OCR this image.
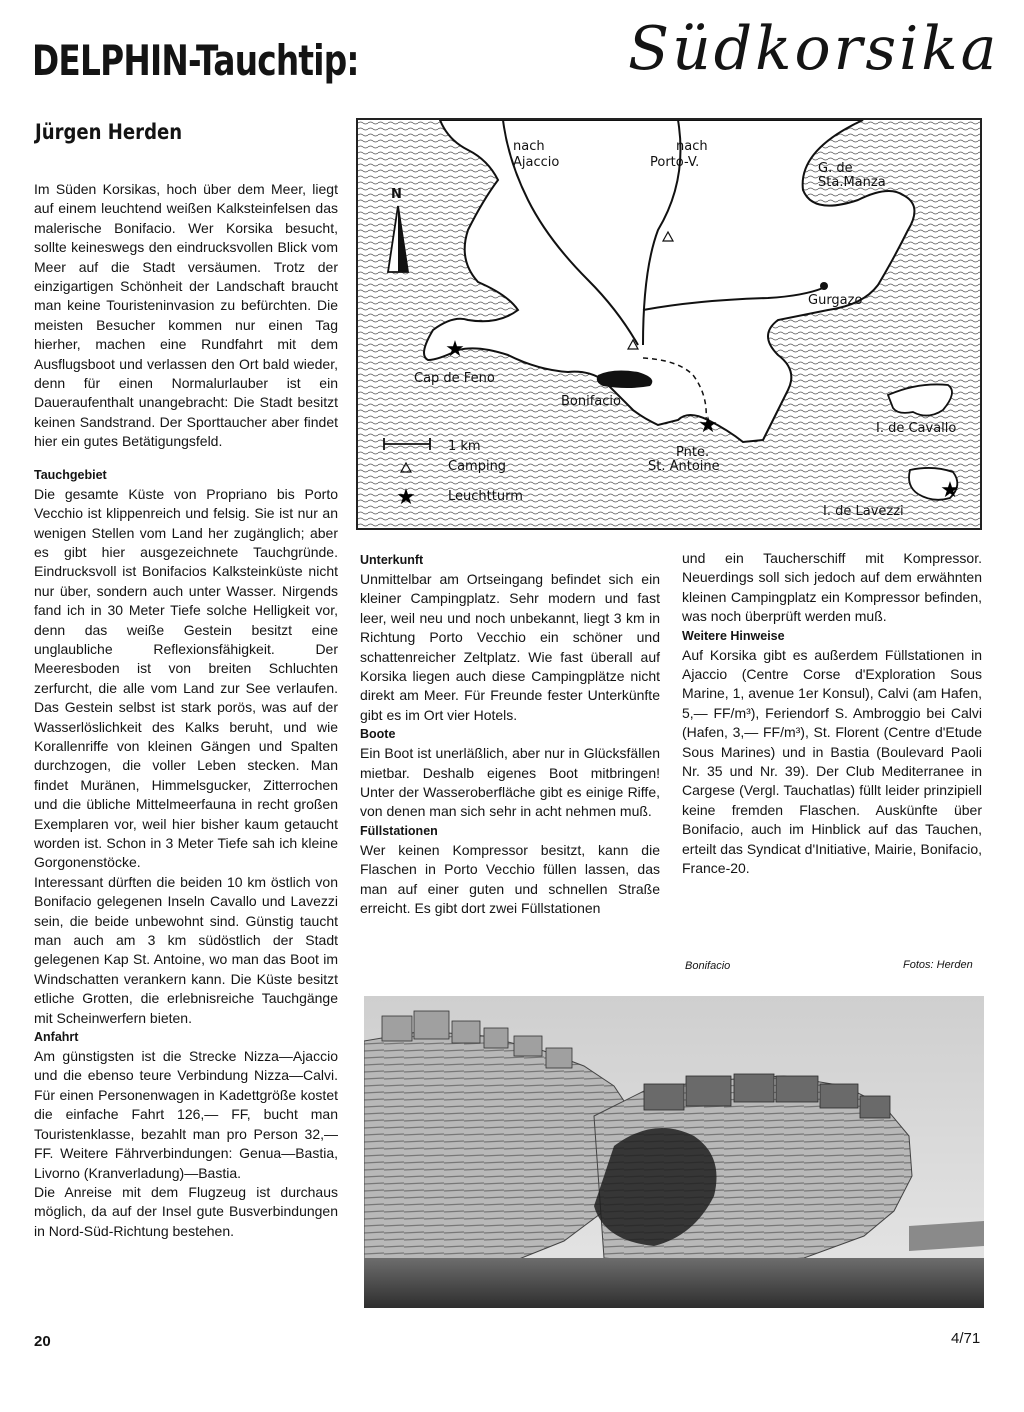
DELPHIN-Tauchtip:	Südkorsika
Jürgen Herden

Im Süden Korsikas, hoch über dem Meer, liegt auf einem leuchtend weißen Kalksteinfelsen das malerische Bonifacio. Wer Korsika besucht, sollte keineswegs den eindrucksvollen Blick vom Meer auf die Stadt versäumen. Trotz der einzigartigen Schönheit der Landschaft braucht man keine Touristeninvasion zu befürchten. Die meisten Besucher kommen nur einen Tag hierher, machen eine Rundfahrt mit dem Ausflugsboot und verlassen den Ort bald wieder, denn für einen Normalurlauber ist ein Daueraufenthalt unangebracht: Die Stadt besitzt keinen Sandstrand. Der Sporttaucher aber findet hier ein gutes Betätigungsfeld.

Tauchgebiet

Die gesamte Küste von Propriano bis Porto Vecchio ist klippenreich und felsig. Sie ist nur an wenigen Stellen vom Land her zugänglich; aber es gibt hier ausgezeichnete Tauchgründe. Eindrucksvoll ist Bonifacios Kalksteinküste nicht nur über, sondern auch unter Wasser. Nirgends fand ich in 30 Meter Tiefe solche Helligkeit vor, denn das weiße Gestein besitzt eine unglaubliche Reflexionsfähigkeit. Der Meeresboden ist von breiten Schluchten zerfurcht, die alle vom Land zur See verlaufen. Das Gestein selbst ist stark porös, was auf der Wasserlöslichkeit des Kalks beruht, und wie Korallenriffe von kleinen Gängen und Spalten durchzogen, die voller Leben stecken. Man findet Muränen, Himmelsgucker, Zitterrochen und die übliche Mittelmeerfauna in recht großen Exemplaren vor, weil hier bisher kaum getaucht worden ist. Schon in 3 Meter Tiefe sah ich kleine Gorgonenstöcke.

Interessant dürften die beiden 10 km östlich von Bonifacio gelegenen Inseln Cavallo und Lavezzi sein, die beide unbewohnt sind. Günstig taucht man auch am 3 km südöstlich der Stadt gelegenen Kap St. Antoine, wo man das Boot im Windschatten verankern kann. Die Küste besitzt etliche Grotten, die erlebnisreiche Tauchgänge mit Scheinwerfern bieten.

Anfahrt

Am günstigsten ist die Strecke Nizza—Ajaccio und die ebenso teure Verbindung Nizza—Calvi. Für einen Personenwagen in Kadettgröße kostet die einfache Fahrt 126,— FF, bucht man Touristenklasse, bezahlt man pro Person 32,— FF. Weitere Fährverbindungen: Genua—Bastia, Livorno (Kranverladung)—Bastia.

Die Anreise mit dem Flugzeug ist durchaus möglich, da auf der Insel gute Busverbindungen in Nord-Süd-Richtung bestehen.

★
★
★
N
nach
Ajaccio
nach
Porto-V.	G. de
Sta.Manza
Gurgazo
Cap de Feno
Bonifacio
Pnte.
St. Antoine
I. de Cavallo
I. de Lavezzi
1 km
Camping
★ Leuchtturm
Unterkunft

Unmittelbar am Ortseingang befindet sich ein kleiner Campingplatz. Sehr modern und fast leer, weil neu und noch unbekannt, liegt 3 km in Richtung Porto Vecchio ein schöner und schattenreicher Zeltplatz. Wie fast überall auf Korsika liegen auch diese Campingplätze nicht direkt am Meer. Für Freunde fester Unterkünfte gibt es im Ort vier Hotels.

Boote

Ein Boot ist unerläßlich, aber nur in Glücksfällen mietbar. Deshalb eigenes Boot mitbringen! Unter der Wasseroberfläche gibt es einige Riffe, von denen man sich sehr in acht nehmen muß.

Füllstationen

Wer keinen Kompressor besitzt, kann die Flaschen in Porto Vecchio füllen lassen, das man auf einer guten und schnellen Straße erreicht. Es gibt dort zwei Füllstationen

und ein Taucherschiff mit Kompressor. Neuerdings soll sich jedoch auf dem erwähnten kleinen Campingplatz ein Kompressor befinden, was noch überprüft werden muß.

Weitere Hinweise

Auf Korsika gibt es außerdem Füllstationen in Ajaccio (Centre Corse d'Exploration Sous Marine, 1, avenue 1er Konsul), Calvi (am Hafen, 5,— FF/m³), Feriendorf S. Ambroggio bei Calvi (Hafen, 3,— FF/m³), St. Florent (Centre d'Etude Sous Marines) und in Bastia (Boulevard Paoli Nr. 35 und Nr. 39). Der Club Mediterranee in Cargese (Vergl. Tauchatlas) füllt leider prinzipiell keine fremden Flaschen. Auskünfte über Bonifacio, auch im Hinblick auf das Tauchen, erteilt das Syndicat d'Initiative, Mairie, Bonifacio, France-20.

Bonifacio	Fotos: Herden
20	4/71
